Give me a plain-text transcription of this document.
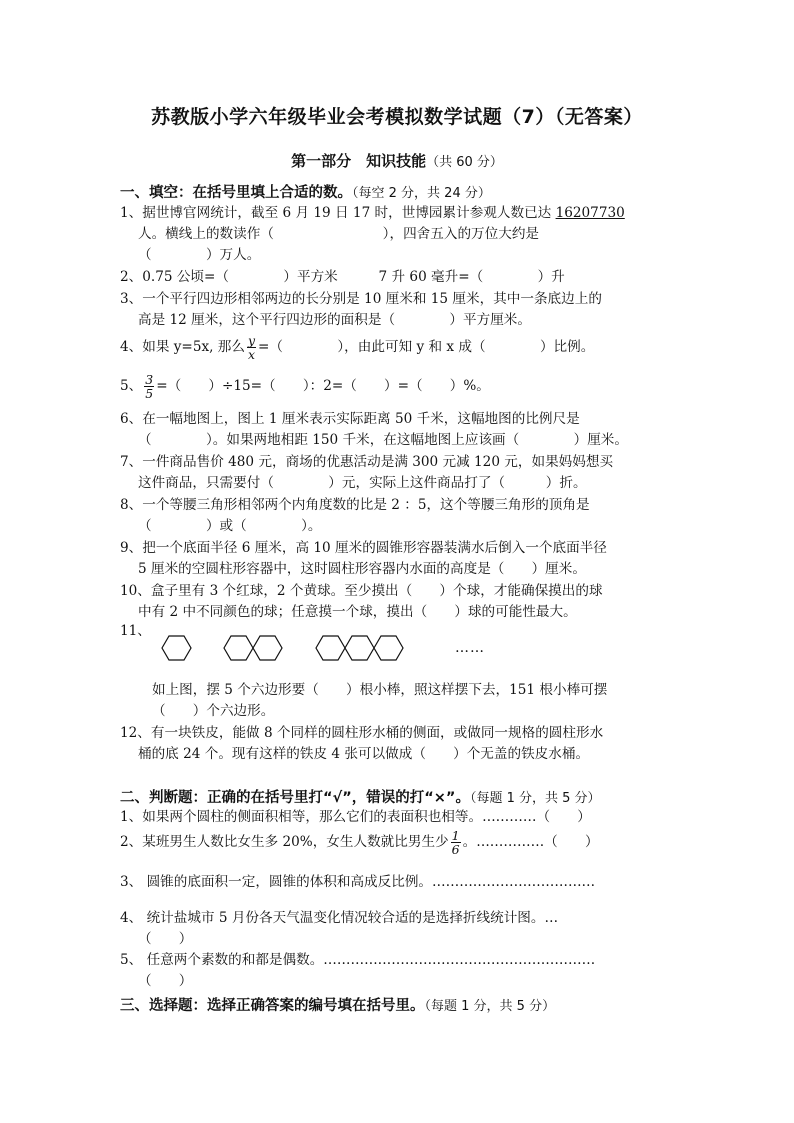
苏教版小学六年级毕业会考模拟数学试题（7）（无答案）
第一部分　知识技能（共 60 分）
一、填空：在括号里填上合适的数。（每空 2 分，共 24 分）
1、据世博官网统计，截至 6 月 19 日 17 时，世博园累计参观人数已达 16207730
人。横线上的数读作（　　　　　　　　），四舍五入的万位大约是
（　　　　）万人。
2、0.75 公顷=（　　　　）平方米　　　7 升 60 毫升=（　　　　）升
3、一个平行四边形相邻两边的长分别是 10 厘米和 15 厘米，其中一条底边上的
高是 12 厘米，这个平行四边形的面积是（　　　　）平方厘米。
4、如果 y=5x, 那么 $\frac{y}{x}$ =（　　　　），由此可知 y 和 x 成（　　　　）比例。
5、 $\frac{3}{5}$ =（　　）÷15=（　　）：2=（　　）=（　　）%。
6、在一幅地图上，图上 1 厘米表示实际距离 50 千米，这幅地图的比例尺是
（　　　　）。如果两地相距 150 千米，在这幅地图上应该画（　　　　）厘米。
7、一件商品售价 480 元，商场的优惠活动是满 300 元减 120 元，如果妈妈想买
这件商品，只需要付（　　　　）元，实际上这件商品打了（　　　）折。
8、一个等腰三角形相邻两个内角度数的比是 2 ：5，这个等腰三角形的顶角是
（　　　　）或（　　　　）。
9、把一个底面半径 6 厘米，高 10 厘米的圆锥形容器装满水后倒入一个底面半径
5 厘米的空圆柱形容器中，这时圆柱形容器内水面的高度是（　　）厘米。
10、盒子里有 3 个红球，2 个黄球。至少摸出（　　）个球，才能确保摸出的球
中有 2 中不同颜色的球；任意摸一个球，摸出（　　）球的可能性最大。
11、
……
如上图，摆 5 个六边形要（　　）根小棒，照这样摆下去，151 根小棒可摆
（　　）个六边形。
12、有一块铁皮，能做 8 个同样的圆柱形水桶的侧面，或做同一规格的圆柱形水
桶的底 24 个。现有这样的铁皮 4 张可以做成（　　）个无盖的铁皮水桶。
二、判断题：正确的在括号里打“√”，错误的打“×”。（每题 1 分，共 5 分）
1、如果两个圆柱的侧面积相等，那么它们的表面积也相等。…………（　　）
2、某班男生人数比女生多 20%，女生人数就比男生少 $\frac{1}{6}$ 。……………（　　）
3、 圆锥的底面积一定，圆锥的体积和高成反比例。………………………………
4、 统计盐城市 5 月份各天气温变化情况较合适的是选择折线统计图。…
（　　）
5、 任意两个素数的和都是偶数。……………………………………………………
（　　）
三、选择题：选择正确答案的编号填在括号里。（每题 1 分，共 5 分）
